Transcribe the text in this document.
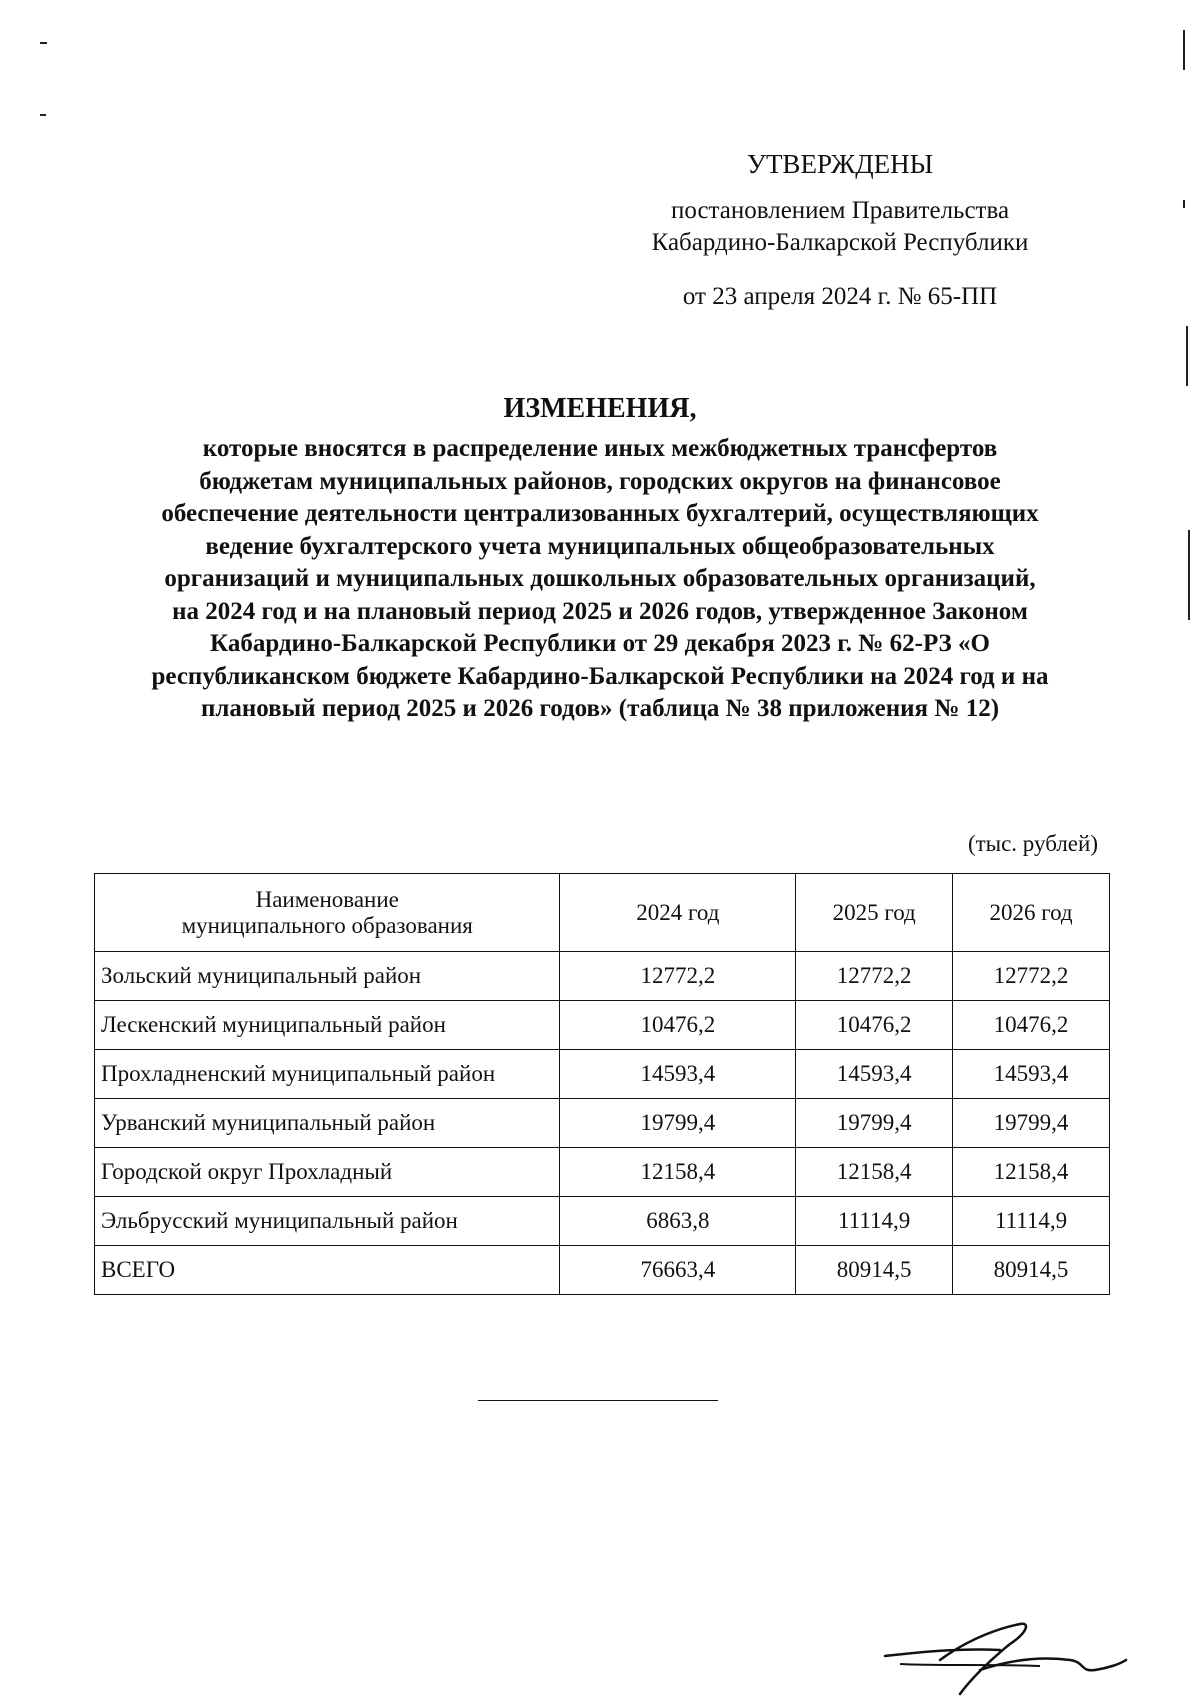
УТВЕРЖДЕНЫ
постановлением Правительства
Кабардино-Балкарской Республики
от 23 апреля 2024 г. № 65-ПП
ИЗМЕНЕНИЯ,
которые вносятся в распределение иных межбюджетных трансфертов бюджетам муниципальных районов, городских округов на финансовое обеспечение деятельности централизованных бухгалтерий, осуществляющих ведение бухгалтерского учета муниципальных общеобразовательных организаций и муниципальных дошкольных образовательных организаций, на 2024 год и на плановый период 2025 и 2026 годов, утвержденное Законом Кабардино-Балкарской Республики от 29 декабря 2023 г. № 62-РЗ «О республиканском бюджете Кабардино-Балкарской Республики на 2024 год и на плановый период 2025 и 2026 годов» (таблица № 38 приложения № 12)
(тыс. рублей)
Наименование
муниципального образования	2024 год	2025 год	2026 год
Зольский муниципальный район	12772,2	12772,2	12772,2
Лескенский муниципальный район	10476,2	10476,2	10476,2
Прохладненский муниципальный район	14593,4	14593,4	14593,4
Урванский муниципальный район	19799,4	19799,4	19799,4
Городской округ Прохладный	12158,4	12158,4	12158,4
Эльбрусский муниципальный район	6863,8	11114,9	11114,9
ВСЕГО	76663,4	80914,5	80914,5
